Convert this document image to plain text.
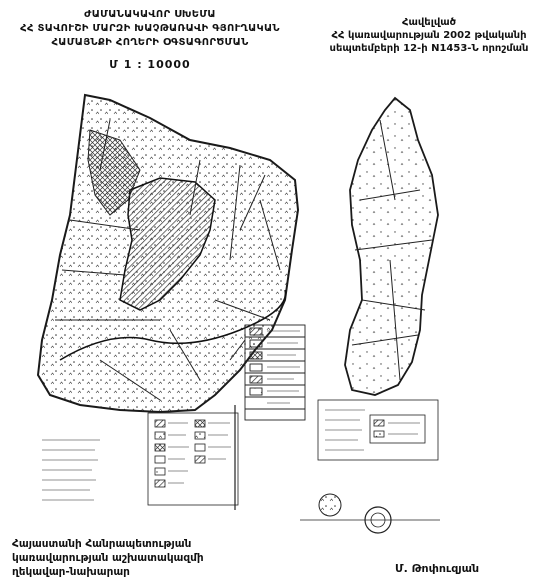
ԺԱՄԱՆԱԿԱՎՈՐ ՍԽԵՄԱ
ՀՀ ՏԱՎՈՒՇԻ ՄԱՐԶԻ ԽԱՉԹԱՌԱՎԻ ԳՅՈՒՂԱԿԱՆ
ՀԱՄԱՅՆՔԻ ՀՈՂԵՐԻ ՕԳՏԱԳՈՐԾՄԱՆ
Մ 1 : 10000
Հավելված
ՀՀ կառավարության 2002 թվականի
սեպտեմբերի 12-ի N1453-Ն որոշման
Հայաստանի Հանրապետության
կառավարության աշխատակազմի
ղեկավար-նախարար	Մ. Թոփուզյան
